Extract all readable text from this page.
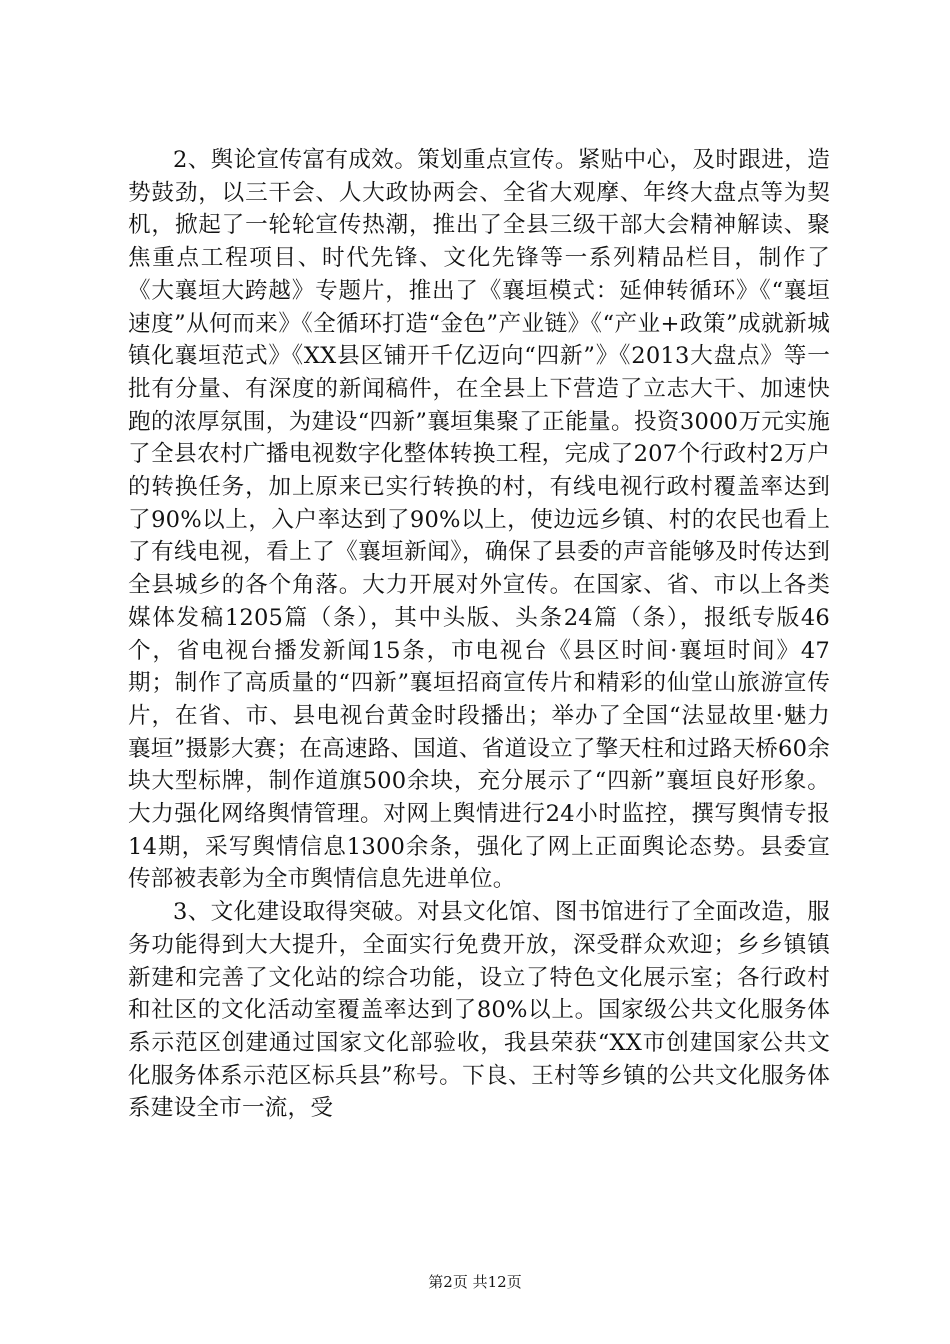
2、舆论宣传富有成效。策划重点宣传。紧贴中心，及时跟进，造势鼓劲，以三干会、人大政协两会、全省大观摩、年终大盘点等为契机，掀起了一轮轮宣传热潮，推出了全县三级干部大会精神解读、聚焦重点工程项目、时代先锋、文化先锋等一系列精品栏目，制作了《大襄垣大跨越》专题片，推出了《襄垣模式：延伸转循环》《“襄垣速度”从何而来》《全循环打造“金色”产业链》《“产业+政策”成就新城镇化襄垣范式》《XX县区铺开千亿迈向“四新”》《2013大盘点》等一批有分量、有深度的新闻稿件，在全县上下营造了立志大干、加速快跑的浓厚氛围，为建设“四新”襄垣集聚了正能量。投资3000万元实施了全县农村广播电视数字化整体转换工程，完成了207个行政村2万户的转换任务，加上原来已实行转换的村，有线电视行政村覆盖率达到了90%以上，入户率达到了90%以上，使边远乡镇、村的农民也看上了有线电视，看上了《襄垣新闻》，确保了县委的声音能够及时传达到全县城乡的各个角落。大力开展对外宣传。在国家、省、市以上各类媒体发稿1205篇（条），其中头版、头条24篇（条），报纸专版46个，省电视台播发新闻15条，市电视台《县区时间·襄垣时间》47期；制作了高质量的“四新”襄垣招商宣传片和精彩的仙堂山旅游宣传片，在省、市、县电视台黄金时段播出；举办了全国“法显故里·魅力襄垣”摄影大赛；在高速路、国道、省道设立了擎天柱和过路天桥60余块大型标牌，制作道旗500余块，充分展示了“四新”襄垣良好形象。大力强化网络舆情管理。对网上舆情进行24小时监控，撰写舆情专报14期，采写舆情信息1300余条，强化了网上正面舆论态势。县委宣传部被表彰为全市舆情信息先进单位。

3、文化建设取得突破。对县文化馆、图书馆进行了全面改造，服务功能得到大大提升，全面实行免费开放，深受群众欢迎；乡乡镇镇新建和完善了文化站的综合功能，设立了特色文化展示室；各行政村和社区的文化活动室覆盖率达到了80%以上。国家级公共文化服务体系示范区创建通过国家文化部验收，我县荣获“XX市创建国家公共文化服务体系示范区标兵县”称号。下良、王村等乡镇的公共文化服务体系建设全市一流，受

第2页 共12页
